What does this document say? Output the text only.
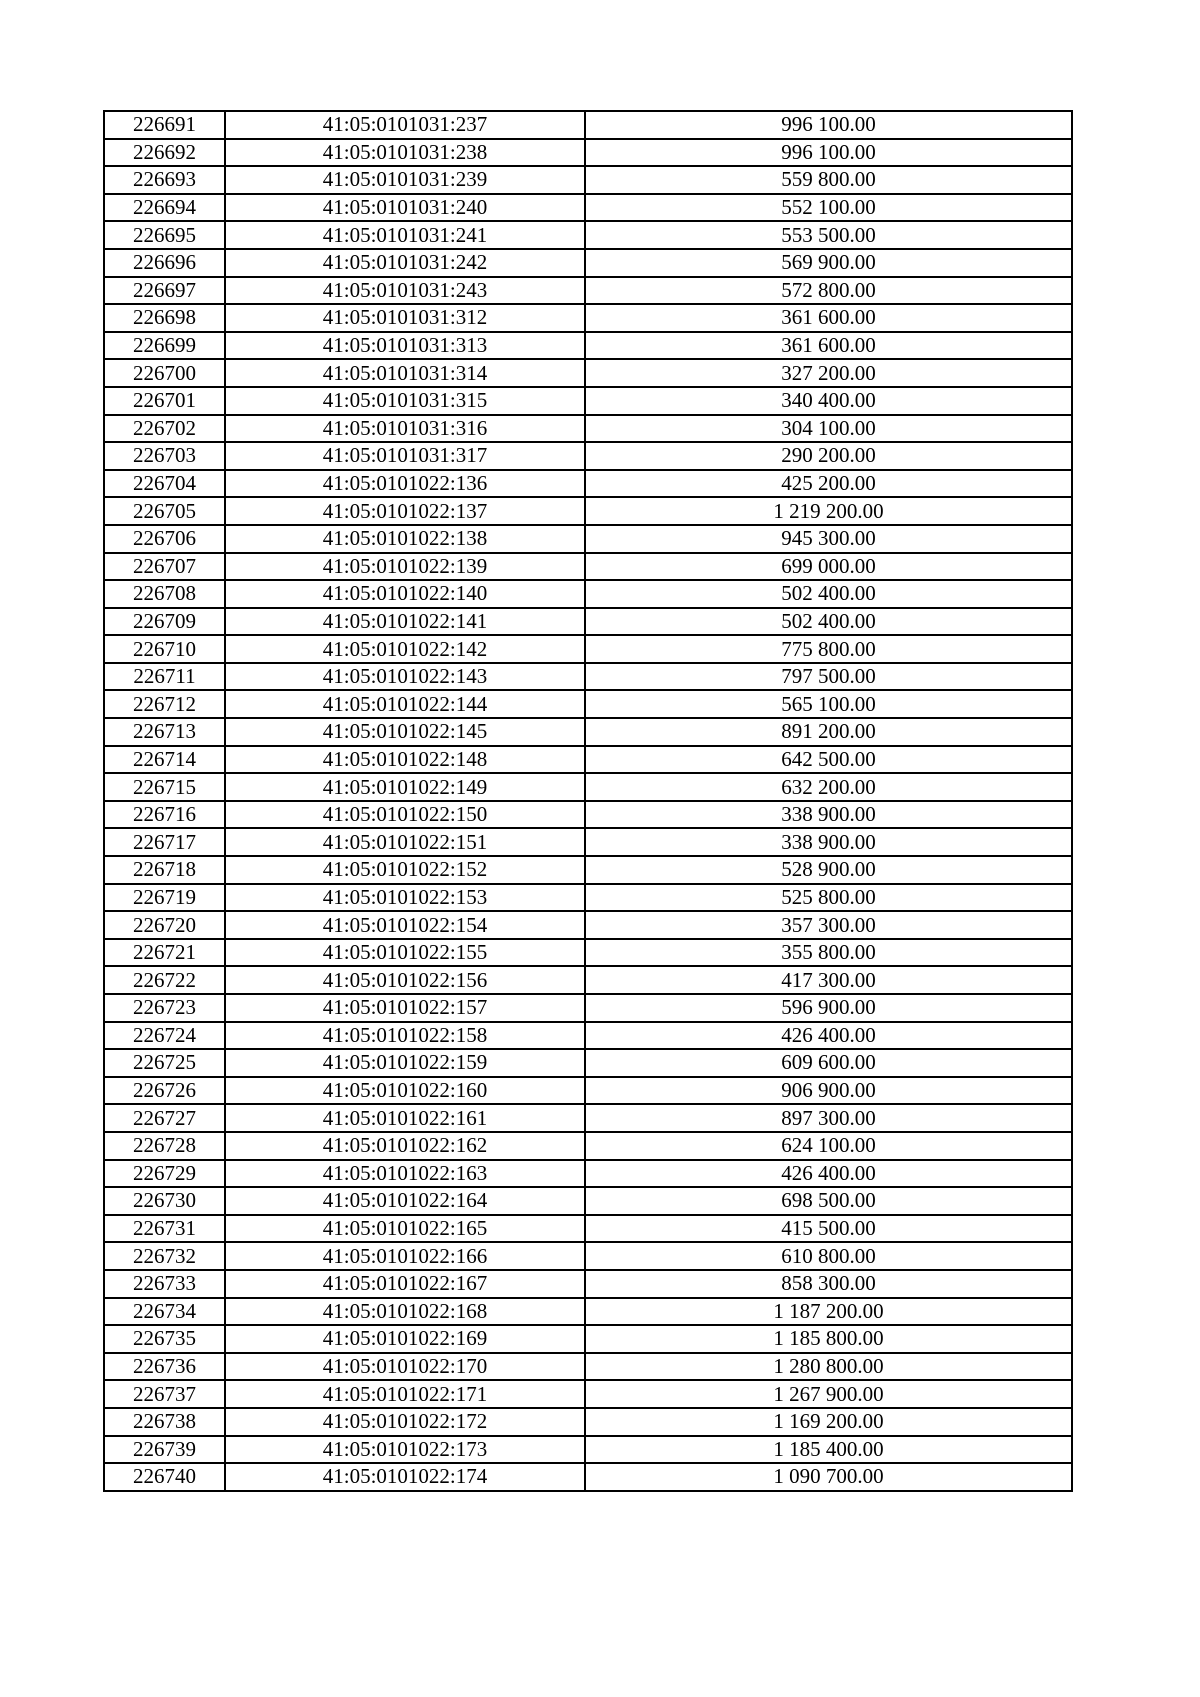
226691	41:05:0101031:237	996 100.00
226692	41:05:0101031:238	996 100.00
226693	41:05:0101031:239	559 800.00
226694	41:05:0101031:240	552 100.00
226695	41:05:0101031:241	553 500.00
226696	41:05:0101031:242	569 900.00
226697	41:05:0101031:243	572 800.00
226698	41:05:0101031:312	361 600.00
226699	41:05:0101031:313	361 600.00
226700	41:05:0101031:314	327 200.00
226701	41:05:0101031:315	340 400.00
226702	41:05:0101031:316	304 100.00
226703	41:05:0101031:317	290 200.00
226704	41:05:0101022:136	425 200.00
226705	41:05:0101022:137	1 219 200.00
226706	41:05:0101022:138	945 300.00
226707	41:05:0101022:139	699 000.00
226708	41:05:0101022:140	502 400.00
226709	41:05:0101022:141	502 400.00
226710	41:05:0101022:142	775 800.00
226711	41:05:0101022:143	797 500.00
226712	41:05:0101022:144	565 100.00
226713	41:05:0101022:145	891 200.00
226714	41:05:0101022:148	642 500.00
226715	41:05:0101022:149	632 200.00
226716	41:05:0101022:150	338 900.00
226717	41:05:0101022:151	338 900.00
226718	41:05:0101022:152	528 900.00
226719	41:05:0101022:153	525 800.00
226720	41:05:0101022:154	357 300.00
226721	41:05:0101022:155	355 800.00
226722	41:05:0101022:156	417 300.00
226723	41:05:0101022:157	596 900.00
226724	41:05:0101022:158	426 400.00
226725	41:05:0101022:159	609 600.00
226726	41:05:0101022:160	906 900.00
226727	41:05:0101022:161	897 300.00
226728	41:05:0101022:162	624 100.00
226729	41:05:0101022:163	426 400.00
226730	41:05:0101022:164	698 500.00
226731	41:05:0101022:165	415 500.00
226732	41:05:0101022:166	610 800.00
226733	41:05:0101022:167	858 300.00
226734	41:05:0101022:168	1 187 200.00
226735	41:05:0101022:169	1 185 800.00
226736	41:05:0101022:170	1 280 800.00
226737	41:05:0101022:171	1 267 900.00
226738	41:05:0101022:172	1 169 200.00
226739	41:05:0101022:173	1 185 400.00
226740	41:05:0101022:174	1 090 700.00
